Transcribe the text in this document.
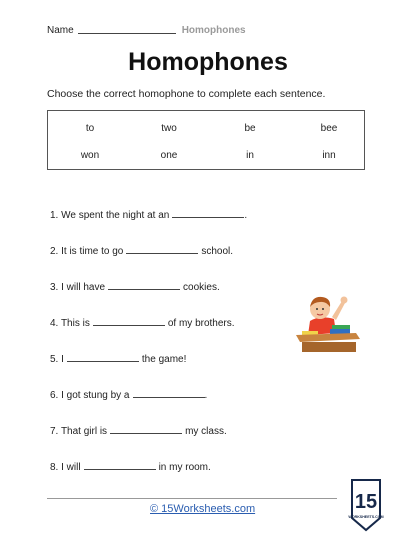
Name	Homophones
Homophones
Choose the correct homophone to complete each sentence.
to	two	be	bee
won	one	in	inn
1. We spent the night at an	.
2. It is time to go	school.
3. I will have	cookies.
4. This is	of my brothers.
5. I	the game!
6. I got stung by a	.
7. That girl is	my class.
8. I will	in my room.
© 15Worksheets.com	15
WORKSHEETS.COM
